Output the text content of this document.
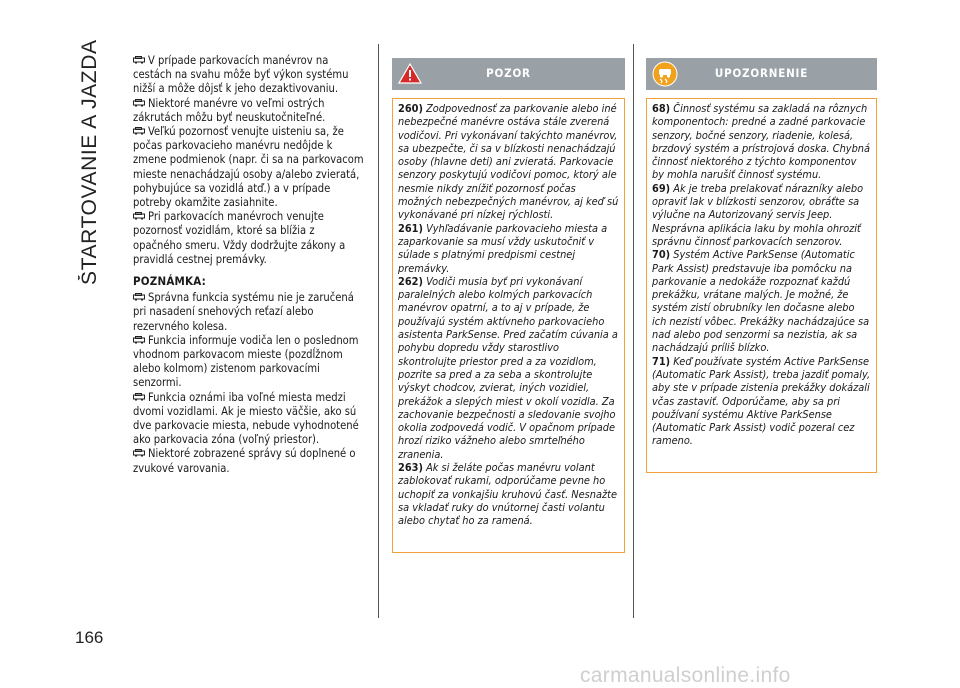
ŠTARTOVANIE A JAZDA
166

V prípade parkovacích manévrov na cestách na svahu môže byť výkon systému nižší a môže dôjsť k jeho dezaktivovaniu.

Niektoré manévre vo veľmi ostrých zákrutách môžu byť neuskutočniteľné.

Veľkú pozornosť venujte uisteniu sa, že počas parkovacieho manévru nedôjde k zmene podmienok (napr. či sa na parkovacom mieste nenachádzajú osoby a/alebo zvieratá, pohybujúce sa vozidlá atď.) a v prípade potreby okamžite zasiahnite.

Pri parkovacích manévroch venujte pozornosť vozidlám, ktoré sa blížia z opačného smeru. Vždy dodržujte zákony a pravidlá cestnej premávky.

POZNÁMKA:

Správna funkcia systému nie je zaručená pri nasadení snehových reťazí alebo rezervného kolesa.

Funkcia informuje vodiča len o poslednom vhodnom parkovacom mieste (pozdĺžnom alebo kolmom) zistenom parkovacími senzormi.

Funkcia oznámi iba voľné miesta medzi dvomi vozidlami. Ak je miesto väčšie, ako sú dve parkovacie miesta, nebude vyhodnotené ako parkovacia zóna (voľný priestor).

Niektoré zobrazené správy sú doplnené o zvukové varovania.

POZOR

260) Zodpovednosť za parkovanie alebo iné nebezpečné manévre ostáva stále zverená vodičovi. Pri vykonávaní takýchto manévrov, sa ubezpečte, či sa v blízkosti nenachádzajú osoby (hlavne deti) ani zvieratá. Parkovacie senzory poskytujú vodičovi pomoc, ktorý ale nesmie nikdy znížiť pozornosť počas možných nebezpečných manévrov, aj keď sú vykonávané pri nízkej rýchlosti.

261) Vyhľadávanie parkovacieho miesta a zaparkovanie sa musí vždy uskutočniť v súlade s platnými predpismi cestnej premávky.

262) Vodiči musia byť pri vykonávaní paralelných alebo kolmých parkovacích manévrov opatrní, a to aj v prípade, že používajú systém aktívneho parkovacieho asistenta ParkSense. Pred začatím cúvania a pohybu dopredu vždy starostlivo skontrolujte priestor pred a za vozidlom, pozrite sa pred a za seba a skontrolujte výskyt chodcov, zvierat, iných vozidiel, prekážok a slepých miest v okolí vozidla. Za zachovanie bezpečnosti a sledovanie svojho okolia zodpovedá vodič. V opačnom prípade hrozí riziko vážneho alebo smrteľného zranenia.

263) Ak si želáte počas manévru volant zablokovať rukami, odporúčame pevne ho uchopiť za vonkajšiu kruhovú časť. Nesnažte sa vkladať ruky do vnútornej časti volantu alebo chytať ho za ramená.

UPOZORNENIE

68) Činnosť systému sa zakladá na rôznych komponentoch: predné a zadné parkovacie senzory, bočné senzory, riadenie, kolesá, brzdový systém a prístrojová doska. Chybná činnosť niektorého z týchto komponentov by mohla narušiť činnosť systému.

69) Ak je treba prelakovať nárazníky alebo opraviť lak v blízkosti senzorov, obráťte sa výlučne na Autorizovaný servis Jeep. Nesprávna aplikácia laku by mohla ohroziť správnu činnosť parkovacích senzorov.

70) Systém Active ParkSense (Automatic Park Assist) predstavuje iba pomôcku na parkovanie a nedokáže rozpoznať každú prekážku, vrátane malých. Je možné, že systém zistí obrubníky len dočasne alebo ich nezistí vôbec. Prekážky nachádzajúce sa nad alebo pod senzormi sa nezistia, ak sa nachádzajú príliš blízko.

71) Keď používate systém Active ParkSense (Automatic Park Assist), treba jazdiť pomaly, aby ste v prípade zistenia prekážky dokázali včas zastaviť. Odporúčame, aby sa pri používaní systému Aktive ParkSense (Automatic Park Assist) vodič pozeral cez rameno.

carmanualsonline.info
